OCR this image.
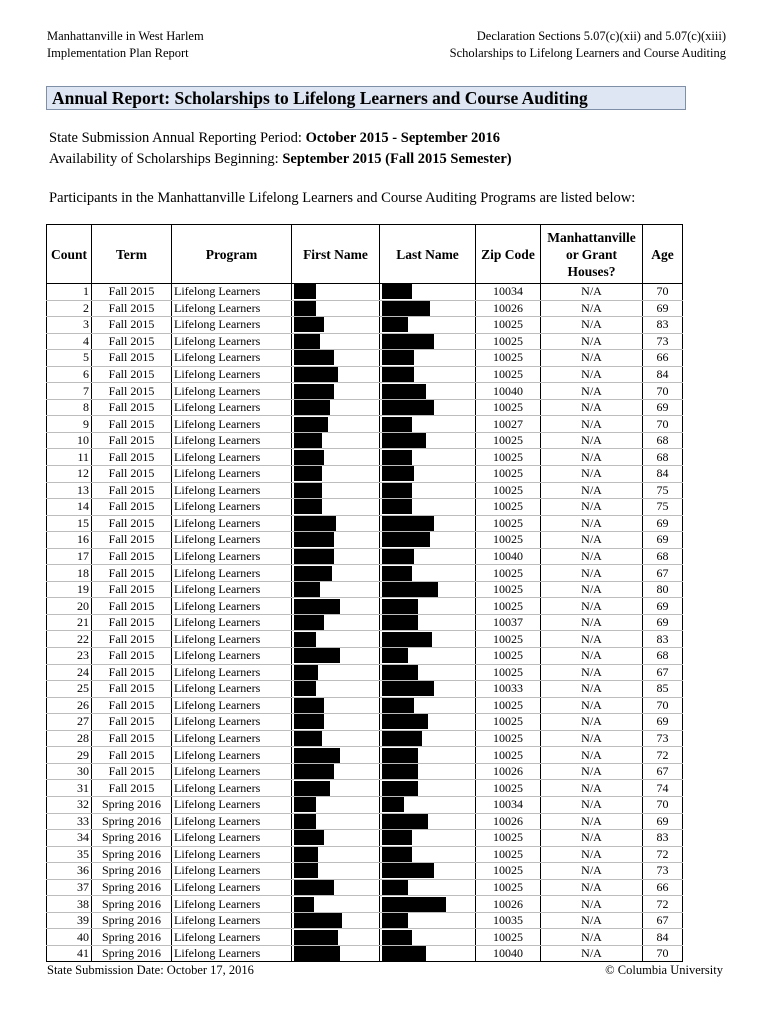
Manhattanville in West Harlem
Implementation Plan Report
Declaration Sections 5.07(c)(xii) and 5.07(c)(xiii)
Scholarships to Lifelong Learners and Course Auditing
Annual Report: Scholarships to Lifelong Learners and Course Auditing
State Submission Annual Reporting Period: October 2015 - September 2016
Availability of Scholarships Beginning: September 2015 (Fall 2015 Semester)
Participants in the Manhattanville Lifelong Learners and Course Auditing Programs are listed below:
Count	Term	Program	First Name	Last Name	Zip Code	Manhattanville or Grant Houses?	Age
1	Fall 2015	Lifelong Learners			10034	N/A	70
2	Fall 2015	Lifelong Learners			10026	N/A	69
3	Fall 2015	Lifelong Learners			10025	N/A	83
4	Fall 2015	Lifelong Learners			10025	N/A	73
5	Fall 2015	Lifelong Learners			10025	N/A	66
6	Fall 2015	Lifelong Learners			10025	N/A	84
7	Fall 2015	Lifelong Learners			10040	N/A	70
8	Fall 2015	Lifelong Learners			10025	N/A	69
9	Fall 2015	Lifelong Learners			10027	N/A	70
10	Fall 2015	Lifelong Learners			10025	N/A	68
11	Fall 2015	Lifelong Learners			10025	N/A	68
12	Fall 2015	Lifelong Learners			10025	N/A	84
13	Fall 2015	Lifelong Learners			10025	N/A	75
14	Fall 2015	Lifelong Learners			10025	N/A	75
15	Fall 2015	Lifelong Learners			10025	N/A	69
16	Fall 2015	Lifelong Learners			10025	N/A	69
17	Fall 2015	Lifelong Learners			10040	N/A	68
18	Fall 2015	Lifelong Learners			10025	N/A	67
19	Fall 2015	Lifelong Learners			10025	N/A	80
20	Fall 2015	Lifelong Learners			10025	N/A	69
21	Fall 2015	Lifelong Learners			10037	N/A	69
22	Fall 2015	Lifelong Learners			10025	N/A	83
23	Fall 2015	Lifelong Learners			10025	N/A	68
24	Fall 2015	Lifelong Learners			10025	N/A	67
25	Fall 2015	Lifelong Learners			10033	N/A	85
26	Fall 2015	Lifelong Learners			10025	N/A	70
27	Fall 2015	Lifelong Learners			10025	N/A	69
28	Fall 2015	Lifelong Learners			10025	N/A	73
29	Fall 2015	Lifelong Learners			10025	N/A	72
30	Fall 2015	Lifelong Learners			10026	N/A	67
31	Fall 2015	Lifelong Learners			10025	N/A	74
32	Spring 2016	Lifelong Learners			10034	N/A	70
33	Spring 2016	Lifelong Learners			10026	N/A	69
34	Spring 2016	Lifelong Learners			10025	N/A	83
35	Spring 2016	Lifelong Learners			10025	N/A	72
36	Spring 2016	Lifelong Learners			10025	N/A	73
37	Spring 2016	Lifelong Learners			10025	N/A	66
38	Spring 2016	Lifelong Learners			10026	N/A	72
39	Spring 2016	Lifelong Learners			10035	N/A	67
40	Spring 2016	Lifelong Learners			10025	N/A	84
41	Spring 2016	Lifelong Learners			10040	N/A	70
State Submission Date: October 17, 2016	© Columbia University
